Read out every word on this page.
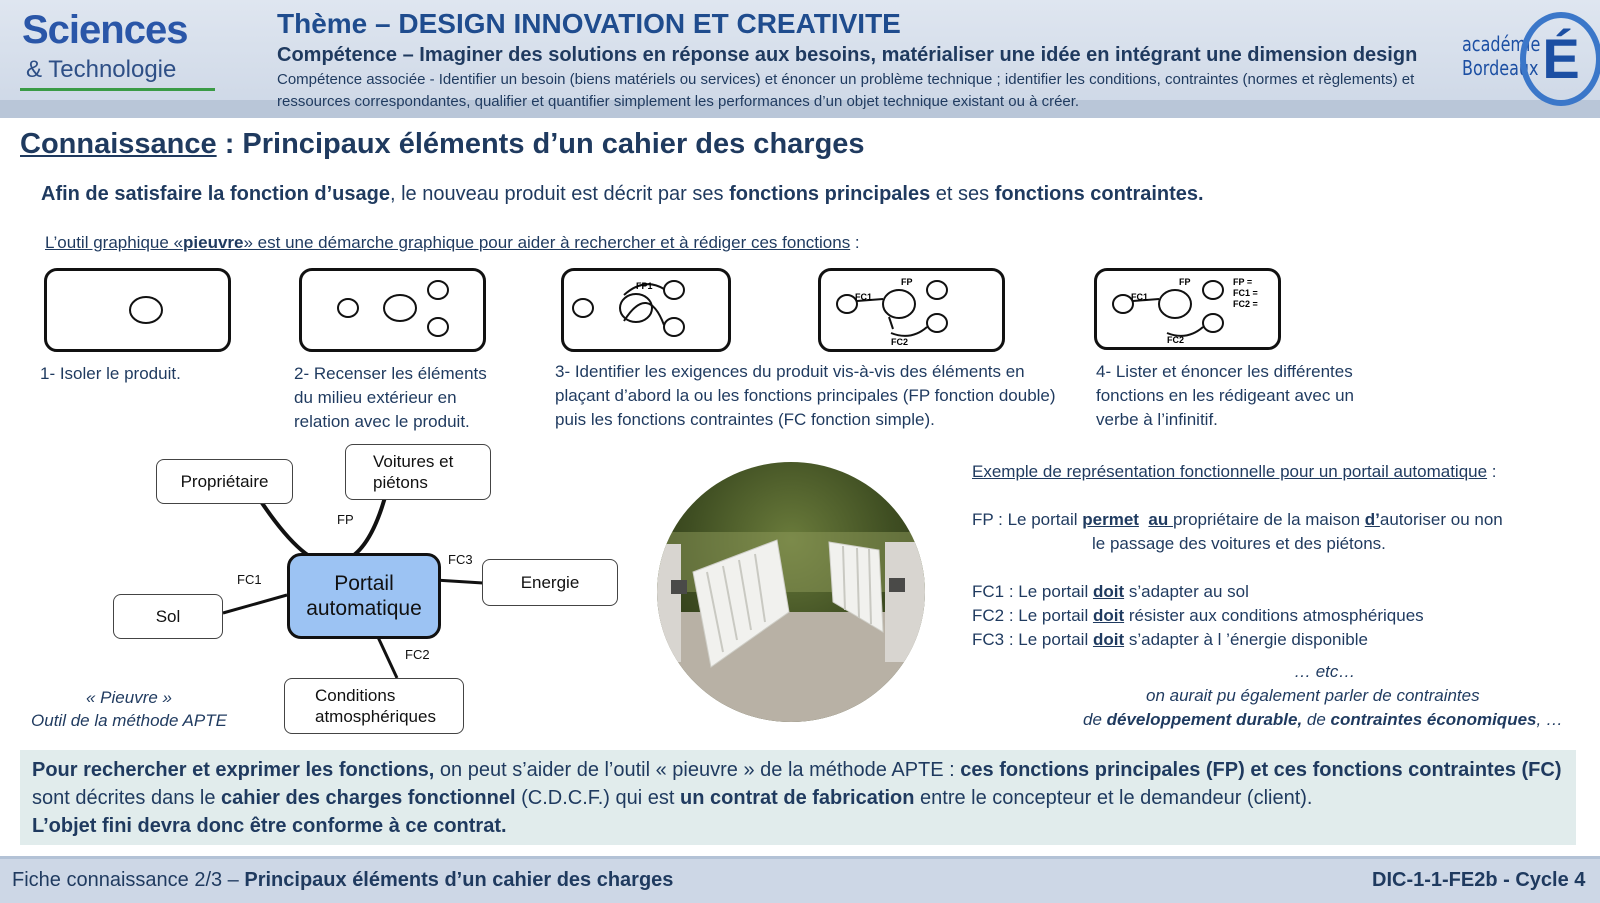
Sciences
& Technologie
Thème – DESIGN INNOVATION ET CREATIVITE
Compétence – Imaginer des solutions en réponse aux besoins, matérialiser une idée en intégrant une dimension design
Compétence associée - Identifier un besoin (biens matériels ou services) et énoncer un problème technique ; identifier les conditions, contraintes (normes et règlements) et ressources correspondantes, qualifier et quantifier simplement les performances d’un objet technique existant ou à créer.
académie
Bordeaux É
Connaissance : Principaux éléments d’un cahier des charges
Afin de satisfaire la fonction d’usage, le nouveau produit est décrit par ses fonctions principales et ses fonctions contraintes.
L’outil graphique «pieuvre» est une démarche graphique pour aider à rechercher et à rédiger ces fonctions :
FP1	FP
FC1
FC2
FP
FC1
FC2
FP =
FC1 =
FC2 =
1- Isoler le produit.	2- Recenser les éléments du milieu extérieur en relation avec le produit.
3- Identifier les exigences du produit vis-à-vis des éléments en plaçant d’abord la ou les fonctions principales (FP fonction double) puis les fonctions contraintes (FC fonction simple).
4- Lister et énoncer les différentes fonctions en les rédigeant avec un verbe à l’infinitif.
Portail automatique
Propriétaire
Voitures et piétons
Energie
Sol
Conditions atmosphériques
FP
FC1
FC3
FC2
« Pieuvre »
Outil de la méthode APTE
Exemple de représentation fonctionnelle pour un portail automatique :
FP : Le portail permet au propriétaire de la maison d’autoriser ou non
le passage des voitures et des piétons.
FC1 : Le portail doit s’adapter au sol
FC2 : Le portail doit résister aux conditions atmosphériques
FC3 : Le portail doit s’adapter à l ’énergie disponible
… etc…
on aurait pu également parler de contraintes
de développement durable, de contraintes économiques, …
Pour rechercher et exprimer les fonctions, on peut s’aider de l’outil « pieuvre » de la méthode APTE : ces fonctions principales (FP) et ces fonctions contraintes (FC) sont décrites dans le cahier des charges fonctionnel (C.D.C.F.) qui est un contrat de fabrication entre le concepteur et le demandeur (client).
L’objet fini devra donc être conforme à ce contrat.
Fiche connaissance 2/3 – Principaux éléments d’un cahier des charges	DIC-1-1-FE2b - Cycle 4
